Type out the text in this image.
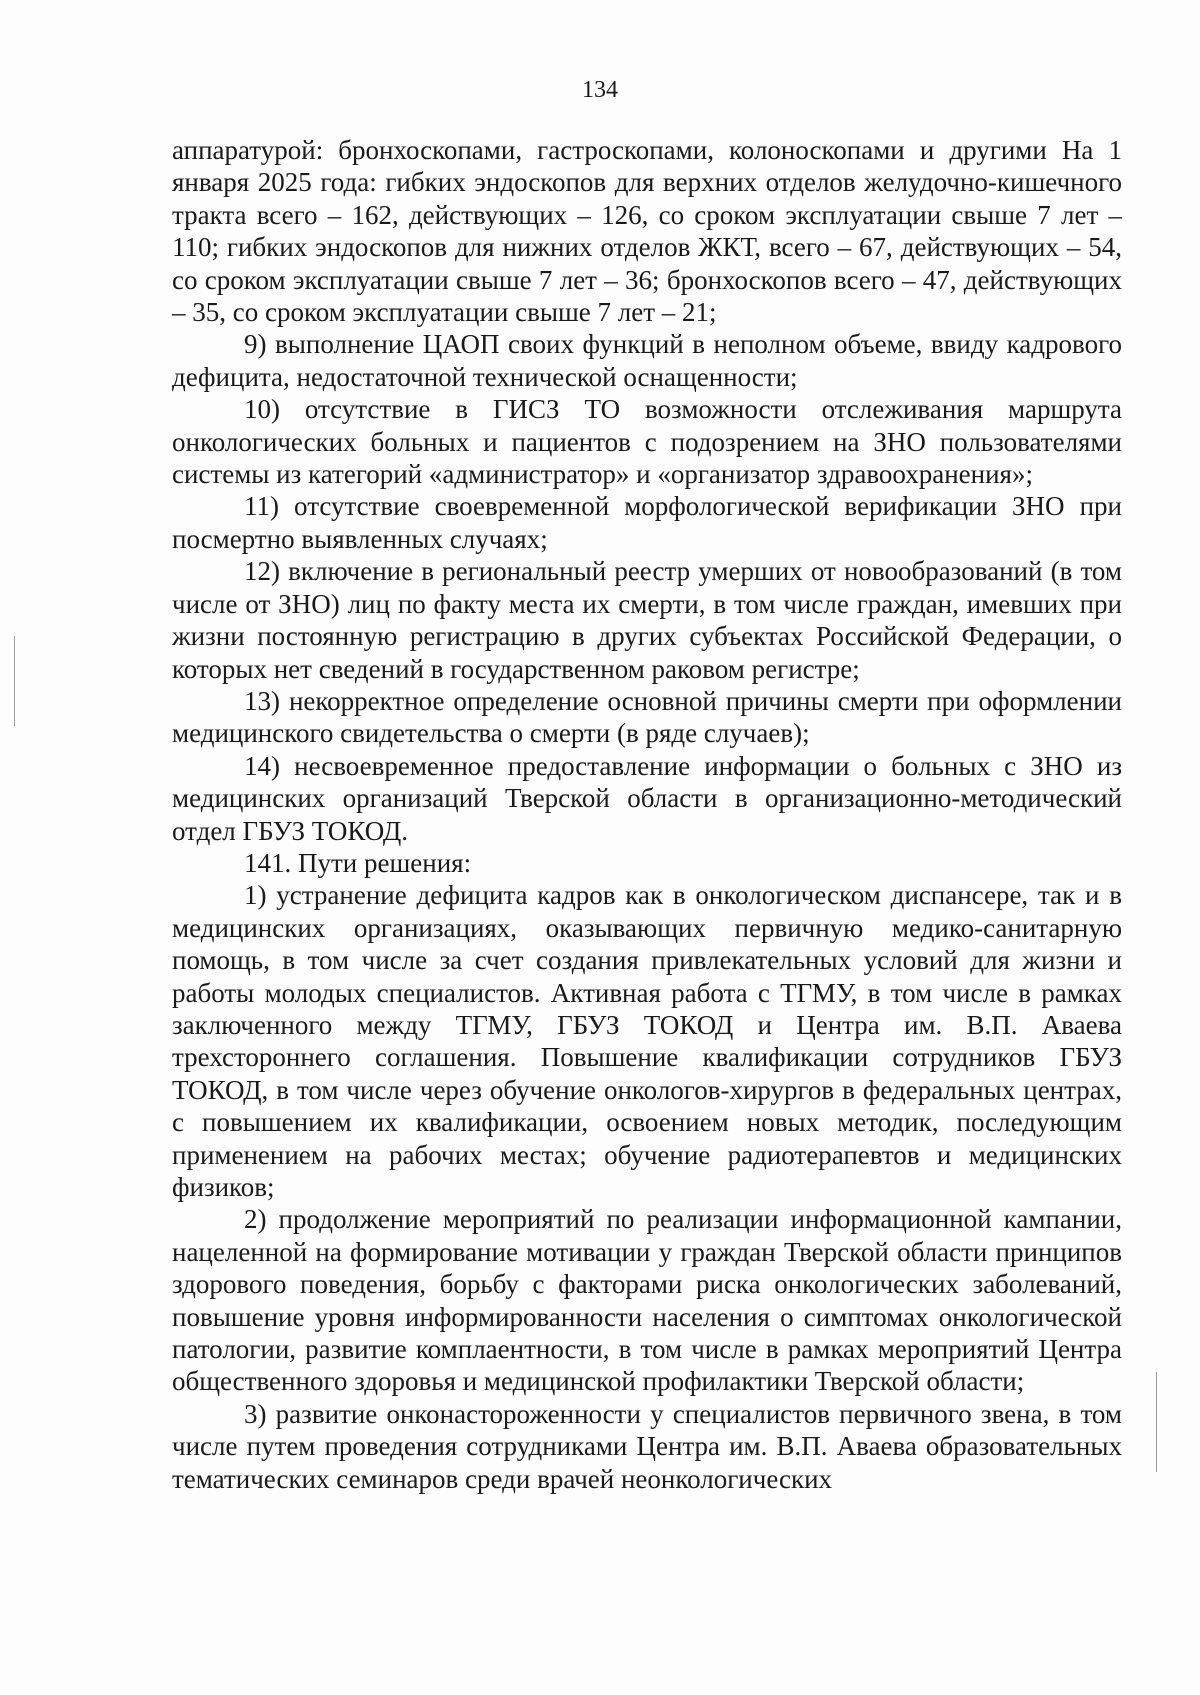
134

аппаратурой: бронхоскопами, гастроскопами, колоноскопами и другими На 1 января 2025 года: гибких эндоскопов для верхних отделов желудочно-кишечного тракта всего – 162, действующих – 126, со сроком эксплуатации свыше 7 лет – 110; гибких эндоскопов для нижних отделов ЖКТ, всего – 67, действующих – 54, со сроком эксплуатации свыше 7 лет – 36; бронхоскопов всего – 47, действующих – 35, со сроком эксплуатации свыше 7 лет – 21;

9) выполнение ЦАОП своих функций в неполном объеме, ввиду кадрового дефицита, недостаточной технической оснащенности;

10) отсутствие в ГИСЗ ТО возможности отслеживания маршрута онкологических больных и пациентов с подозрением на ЗНО пользователями системы из категорий «администратор» и «организатор здравоохранения»;

11) отсутствие своевременной морфологической верификации ЗНО при посмертно выявленных случаях;

12) включение в региональный реестр умерших от новообразований (в том числе от ЗНО) лиц по факту места их смерти, в том числе граждан, имевших при жизни постоянную регистрацию в других субъектах Российской Федерации, о которых нет сведений в государственном раковом регистре;

13) некорректное определение основной причины смерти при оформлении медицинского свидетельства о смерти (в ряде случаев);

14) несвоевременное предоставление информации о больных с ЗНО из медицинских организаций Тверской области в организационно-методический отдел ГБУЗ ТОКОД.

141. Пути решения:

1) устранение дефицита кадров как в онкологическом диспансере, так и в медицинских организациях, оказывающих первичную медико-санитарную помощь, в том числе за счет создания привлекательных условий для жизни и работы молодых специалистов. Активная работа с ТГМУ, в том числе в рамках заключенного между ТГМУ, ГБУЗ ТОКОД и Центра им. В.П. Аваева трехстороннего соглашения. Повышение квалификации сотрудников ГБУЗ ТОКОД, в том числе через обучение онкологов-хирургов в федеральных центрах, с повышением их квалификации, освоением новых методик, последующим применением на рабочих местах; обучение радиотерапевтов и медицинских физиков;

2) продолжение мероприятий по реализации информационной кампании, нацеленной на формирование мотивации у граждан Тверской области принципов здорового поведения, борьбу с факторами риска онкологических заболеваний, повышение уровня информированности населения о симптомах онкологической патологии, развитие комплаентности, в том числе в рамках мероприятий Центра общественного здоровья и медицинской профилактики Тверской области;

3) развитие онконастороженности у специалистов первичного звена, в том числе путем проведения сотрудниками Центра им. В.П. Аваева образовательных тематических семинаров среди врачей неонкологических
